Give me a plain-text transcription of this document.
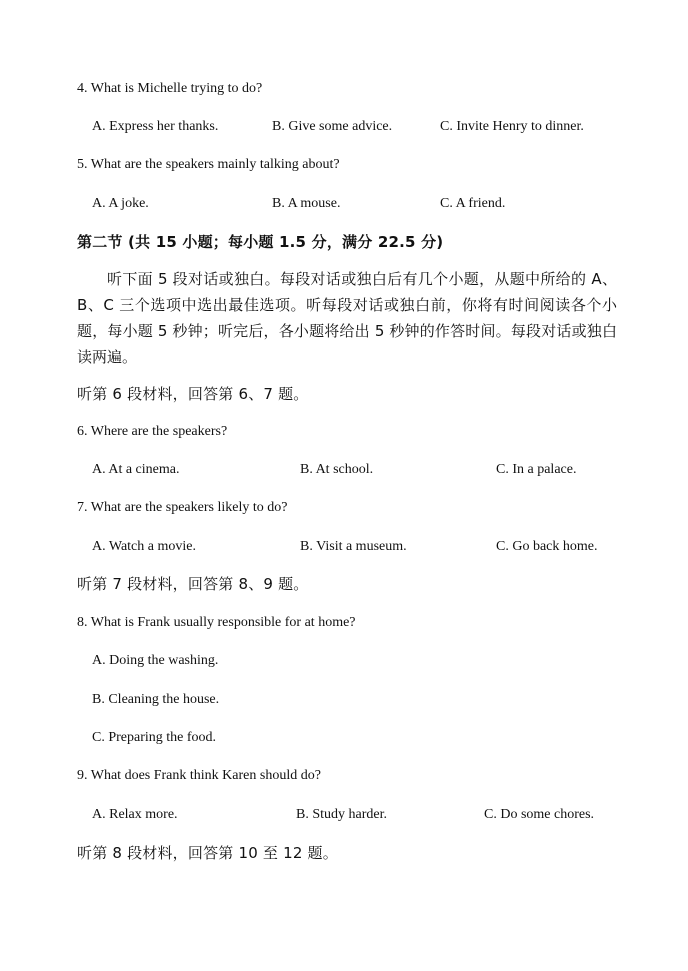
4. What is Michelle trying to do?
A. Express her thanks.	B. Give some advice.	C. Invite Henry to dinner.
5. What are the speakers mainly talking about?
A. A joke.	B. A mouse.	C. A friend.
第二节 (共 15 小题；每小题 1.5 分，满分 22.5 分)
听下面 5 段对话或独白。每段对话或独白后有几个小题，从题中所给的 A、B、C 三个选项中选出最佳选项。听每段对话或独白前，你将有时间阅读各个小题，每小题 5 秒钟；听完后，各小题将给出 5 秒钟的作答时间。每段对话或独白读两遍。
听第 6 段材料，回答第 6、7 题。
6. Where are the speakers?
A. At a cinema.	B. At school.	C. In a palace.
7. What are the speakers likely to do?
A. Watch a movie.	B. Visit a museum.	C. Go back home.
听第 7 段材料，回答第 8、9 题。
8. What is Frank usually responsible for at home?
A. Doing the washing.
B. Cleaning the house.
C. Preparing the food.
9. What does Frank think Karen should do?
A. Relax more.	B. Study harder.	C. Do some chores.
听第 8 段材料，回答第 10 至 12 题。
